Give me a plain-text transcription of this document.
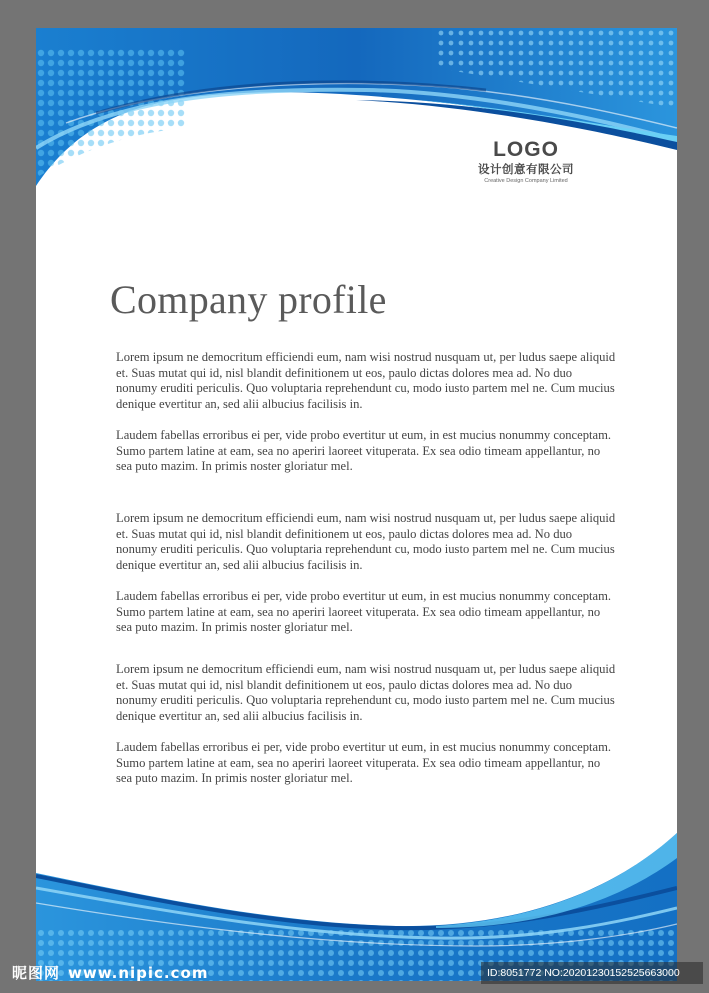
LOGO
设计创意有限公司
Creative Design Company Limited
Company profile

Lorem ipsum ne democritum efficiendi eum, nam wisi nostrud nusquam ut, per ludus saepe aliquid et. Suas mutat qui id, nisl blandit definitionem ut eos, paulo dictas dolores mea ad. No duo nonumy eruditi periculis. Quo voluptaria reprehendunt cu, modo iusto partem mel ne. Cum mucius denique evertitur an, sed alii albucius facilisis in.

Laudem fabellas erroribus ei per, vide probo evertitur ut eum, in est mucius nonummy conceptam. Sumo partem latine at eam, sea no aperiri laoreet vituperata. Ex sea odio timeam appellantur, no sea puto mazim. In primis noster gloriatur mel.

Lorem ipsum ne democritum efficiendi eum, nam wisi nostrud nusquam ut, per ludus saepe aliquid et. Suas mutat qui id, nisl blandit definitionem ut eos, paulo dictas dolores mea ad. No duo nonumy eruditi periculis. Quo voluptaria reprehendunt cu, modo iusto partem mel ne. Cum mucius denique evertitur an, sed alii albucius facilisis in.

Laudem fabellas erroribus ei per, vide probo evertitur ut eum, in est mucius nonummy conceptam. Sumo partem latine at eam, sea no aperiri laoreet vituperata. Ex sea odio timeam appellantur, no sea puto mazim. In primis noster gloriatur mel.

Lorem ipsum ne democritum efficiendi eum, nam wisi nostrud nusquam ut, per ludus saepe aliquid et. Suas mutat qui id, nisl blandit definitionem ut eos, paulo dictas dolores mea ad. No duo nonumy eruditi periculis. Quo voluptaria reprehendunt cu, modo iusto partem mel ne. Cum mucius denique evertitur an, sed alii albucius facilisis in.

Laudem fabellas erroribus ei per, vide probo evertitur ut eum, in est mucius nonummy conceptam. Sumo partem latine at eam, sea no aperiri laoreet vituperata. Ex sea odio timeam appellantur, no sea puto mazim. In primis noster gloriatur mel.

昵图网 www.nipic.com	ID:8051772 NO:20201230152525663000
